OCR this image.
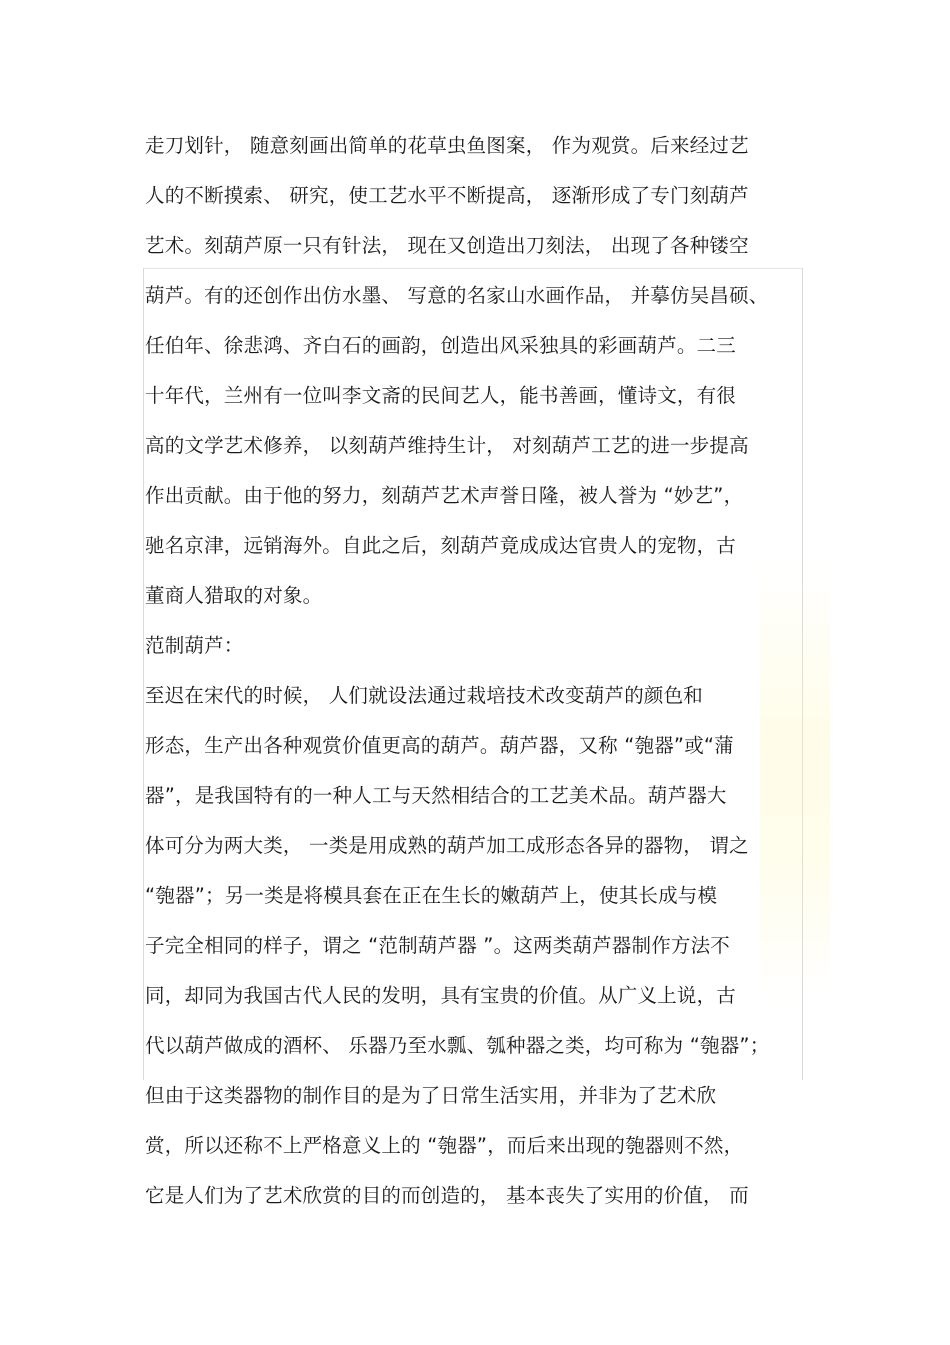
走刀划针， 随意刻画出简单的花草虫鱼图案， 作为观赏。后来经过艺
人的不断摸索、 研究，使工艺水平不断提高， 逐渐形成了专门刻葫芦
艺术。刻葫芦原一只有针法， 现在又创造出刀刻法， 出现了各种镂空
葫芦。有的还创作出仿水墨、 写意的名家山水画作品， 并摹仿吴昌硕、
任伯年、徐悲鸿、齐白石的画韵，创造出风采独具的彩画葫芦。二三
十年代，兰州有一位叫李文斋的民间艺人，能书善画，懂诗文，有很
高的文学艺术修养， 以刻葫芦维持生计， 对刻葫芦工艺的进一步提高
作出贡献。由于他的努力，刻葫芦艺术声誉日隆，被人誉为 “妙艺”，
驰名京津，远销海外。自此之后，刻葫芦竟成成达官贵人的宠物，古
董商人猎取的对象。
范制葫芦：
至迟在宋代的时候， 人们就设法通过栽培技术改变葫芦的颜色和
形态，生产出各种观赏价值更高的葫芦。葫芦器，又称 “匏器”或“蒲
器”，是我国特有的一种人工与天然相结合的工艺美术品。葫芦器大
体可分为两大类， 一类是用成熟的葫芦加工成形态各异的器物， 谓之
“匏器”；另一类是将模具套在正在生长的嫩葫芦上，使其长成与模
子完全相同的样子，谓之 “范制葫芦器 ”。这两类葫芦器制作方法不
同，却同为我国古代人民的发明，具有宝贵的价值。从广义上说，古
代以葫芦做成的酒杯、 乐器乃至水瓢、瓠种器之类，均可称为 “匏器”；
但由于这类器物的制作目的是为了日常生活实用，并非为了艺术欣
赏，所以还称不上严格意义上的 “匏器”，而后来出现的匏器则不然，
它是人们为了艺术欣赏的目的而创造的， 基本丧失了实用的价值， 而
